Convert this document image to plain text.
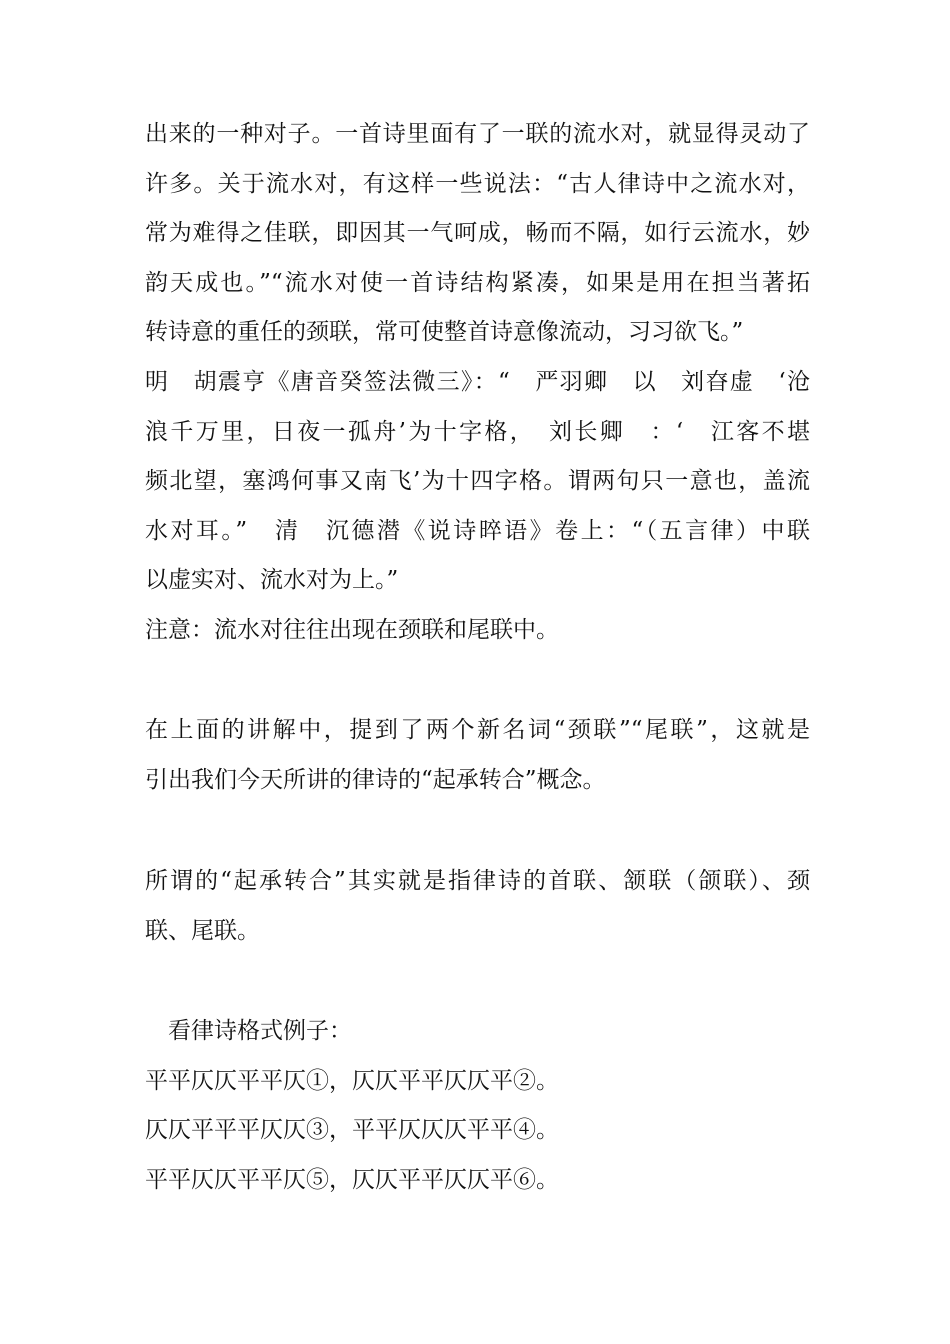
出来的一种对子。一首诗里面有了一联的流水对，就显得灵动了
许多。关于流水对，有这样一些说法：“古人律诗中之流水对，
常为难得之佳联，即因其一气呵成，畅而不隔，如行云流水，妙
韵天成也。”“流水对使一首诗结构紧凑，如果是用在担当著拓
转诗意的重任的颈联，常可使整首诗意像流动，习习欲飞。”
明　胡震亨《唐音癸签法微三》：“　严羽卿　以　刘昚虚　‘沧
浪千万里，日夜一孤舟’为十字格，　刘长卿　：‘　江客不堪
频北望，塞鸿何事又南飞’为十四字格。谓两句只一意也，盖流
水对耳。”　清　沉德潜《说诗晬语》卷上：“（五言律）中联
以虚实对、流水对为上。”
注意：流水对往往出现在颈联和尾联中。
在上面的讲解中，提到了两个新名词“颈联”“尾联”，这就是
引出我们今天所讲的律诗的“起承转合”概念。
所谓的“起承转合”其实就是指律诗的首联、颔联（颌联）、颈
联、尾联。
看律诗格式例子：
平平仄仄平平仄①，仄仄平平仄仄平②。
仄仄平平平仄仄③，平平仄仄仄平平④。
平平仄仄平平仄⑤，仄仄平平仄仄平⑥。
